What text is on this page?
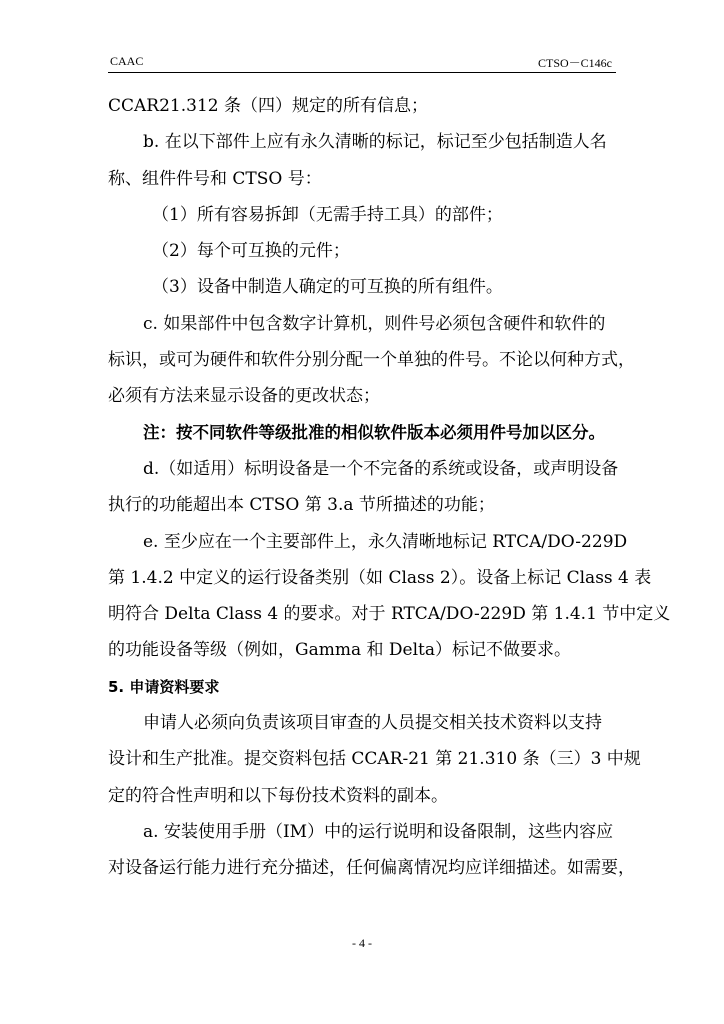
CAAC	CTSO－C146c
CCAR21.312 条（四）规定的所有信息；
b. 在以下部件上应有永久清晰的标记，标记至少包括制造人名
称、组件件号和 CTSO 号：
（1）所有容易拆卸（无需手持工具）的部件；
（2）每个可互换的元件；
（3）设备中制造人确定的可互换的所有组件。
c. 如果部件中包含数字计算机，则件号必须包含硬件和软件的
标识，或可为硬件和软件分别分配一个单独的件号。不论以何种方式，
必须有方法来显示设备的更改状态；
注：按不同软件等级批准的相似软件版本必须用件号加以区分。
d.（如适用）标明设备是一个不完备的系统或设备，或声明设备
执行的功能超出本 CTSO 第 3.a 节所描述的功能；
e. 至少应在一个主要部件上，永久清晰地标记 RTCA/DO-229D
第 1.4.2 中定义的运行设备类别（如 Class 2）。设备上标记 Class 4 表
明符合 Delta Class 4 的要求。对于 RTCA/DO-229D 第 1.4.1 节中定义
的功能设备等级（例如，Gamma 和 Delta）标记不做要求。
5. 申请资料要求
申请人必须向负责该项目审查的人员提交相关技术资料以支持
设计和生产批准。提交资料包括 CCAR-21 第 21.310 条（三）3 中规
定的符合性声明和以下每份技术资料的副本。
a. 安装使用手册（IM）中的运行说明和设备限制，这些内容应
对设备运行能力进行充分描述，任何偏离情况均应详细描述。如需要，
- 4 -
